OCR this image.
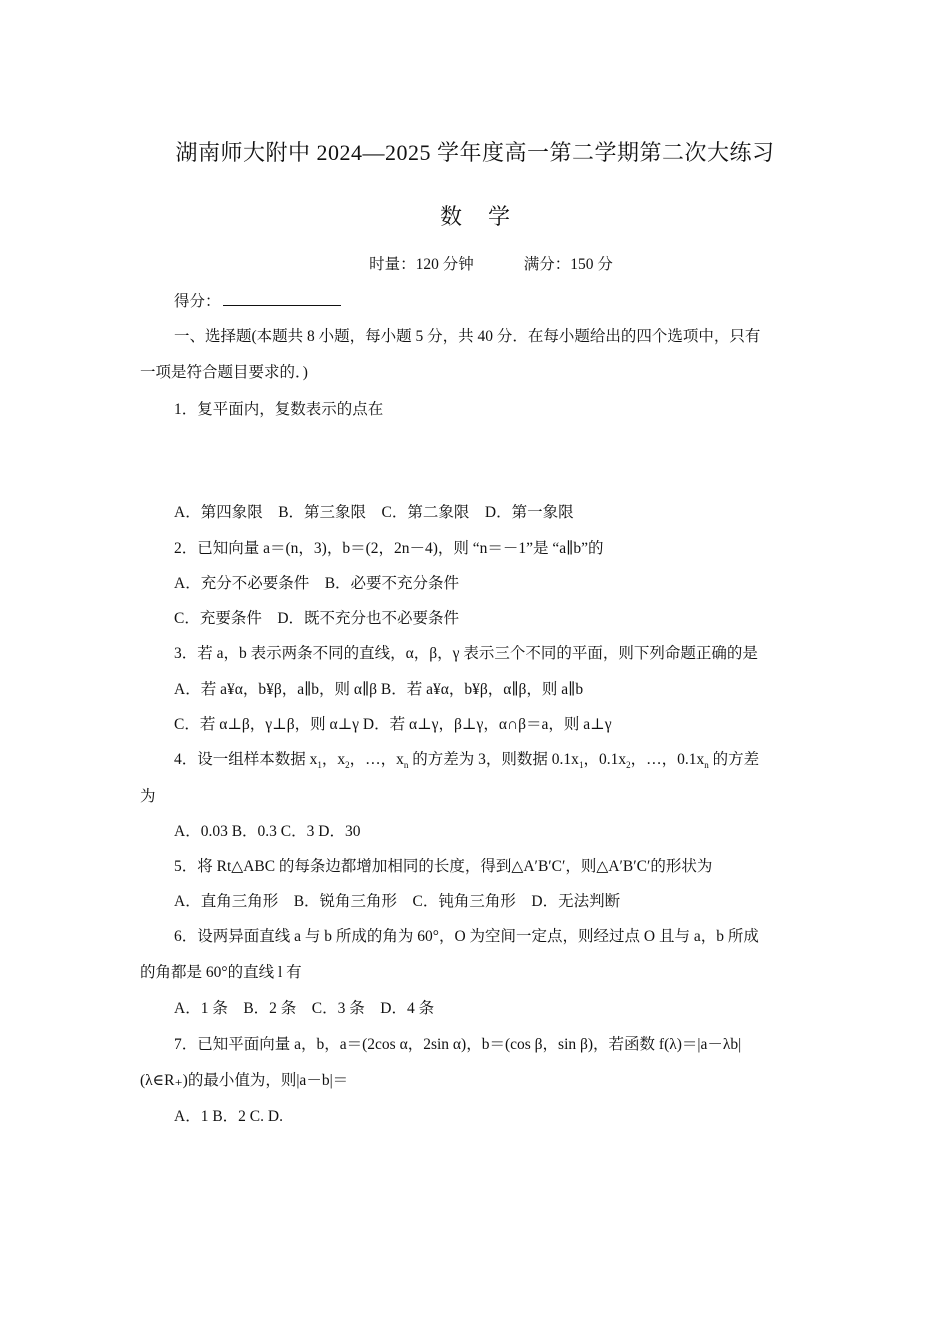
湖南师大附中 2024—2025 学年度高一第二学期第二次大练习
数 学
时量：120 分钟	满分：150 分
得分：
一、选择题(本题共 8 小题，每小题 5 分，共 40 分．在每小题给出的四个选项中，只有
一项是符合题目要求的．)
1．复平面内，复数表示的点在
A．第四象限　B．第三象限　C．第二象限　D．第一象限
2．已知向量 a＝(n，3)，b＝(2，2n－4)，则 “n＝－1”是 “a∥b”的
A．充分不必要条件　B．必要不充分条件
C．充要条件　D．既不充分也不必要条件
3．若 a，b 表示两条不同的直线，α，β，γ 表示三个不同的平面，则下列命题正确的是
A．若 a¥α，b¥β，a∥b，则 α∥β B．若 a¥α，b¥β，α∥β，则 a∥b
C．若 α⊥β，γ⊥β，则 α⊥γ D．若 α⊥γ，β⊥γ，α∩β＝a，则 a⊥γ
4．设一组样本数据 $x_1$，$x_2$，…，$x_n$ 的方差为 3，则数据 $0.1x_1$，$0.1x_2$，…，$0.1x_n$ 的方差
为
A．0.03 B．0.3 C．3 D．30
5．将 Rt△ABC 的每条边都增加相同的长度，得到△A′B′C′，则△A′B′C′的形状为
A．直角三角形　B．锐角三角形　C．钝角三角形　D．无法判断
6．设两异面直线 a 与 b 所成的角为 60°，O 为空间一定点，则经过点 O 且与 a，b 所成
的角都是 60°的直线 l 有
A．1 条　B．2 条　C．3 条　D．4 条
7．已知平面向量 a，b，a＝(2cos α，2sin α)，b＝(cos β，sin β)，若函数 f(λ)＝|a－λb|
(λ∈R₊)的最小值为，则|a－b|＝
A．1 B．2 C. D.
